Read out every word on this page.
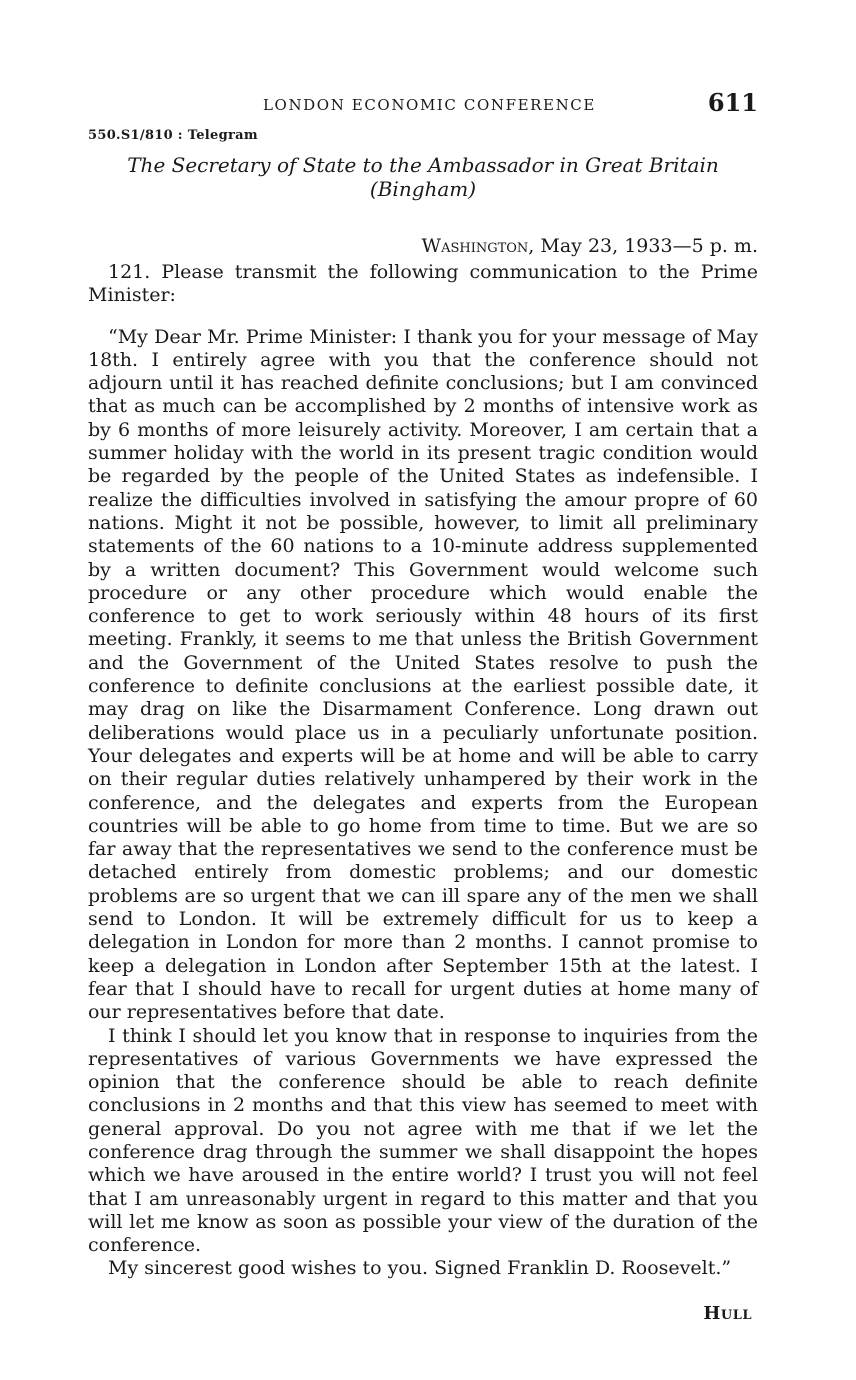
LONDON ECONOMIC CONFERENCE	611
550.S1/810 : Telegram
The Secretary of State to the Ambassador in Great Britain
(Bingham)
Washington, May 23, 1933—5 p. m.

121. Please transmit the following communication to the Prime Minister:

“My Dear Mr. Prime Minister: I thank you for your message of May 18th. I entirely agree with you that the conference should not adjourn until it has reached definite conclusions; but I am convinced that as much can be accomplished by 2 months of intensive work as by 6 months of more leisurely activity. Moreover, I am certain that a summer holiday with the world in its present tragic condition would be regarded by the people of the United States as indefensible. I realize the difficulties involved in satisfying the amour propre of 60 nations. Might it not be possible, however, to limit all preliminary statements of the 60 nations to a 10-minute address supplemented by a written document? This Government would welcome such procedure or any other procedure which would enable the conference to get to work seriously within 48 hours of its first meeting. Frankly, it seems to me that unless the British Government and the Government of the United States resolve to push the conference to definite conclusions at the earliest possible date, it may drag on like the Disarmament Conference. Long drawn out deliberations would place us in a peculiarly unfortunate position. Your delegates and experts will be at home and will be able to carry on their regular duties relatively unhampered by their work in the conference, and the delegates and experts from the European countries will be able to go home from time to time. But we are so far away that the representatives we send to the conference must be detached entirely from domestic problems; and our domestic problems are so urgent that we can ill spare any of the men we shall send to London. It will be extremely difficult for us to keep a delegation in London for more than 2 months. I cannot promise to keep a delegation in London after September 15th at the latest. I fear that I should have to recall for urgent duties at home many of our representatives before that date.

I think I should let you know that in response to inquiries from the representatives of various Governments we have expressed the opinion that the conference should be able to reach definite conclusions in 2 months and that this view has seemed to meet with general approval. Do you not agree with me that if we let the conference drag through the summer we shall disappoint the hopes which we have aroused in the entire world? I trust you will not feel that I am unreasonably urgent in regard to this matter and that you will let me know as soon as possible your view of the duration of the conference.

My sincerest good wishes to you. Signed Franklin D. Roosevelt.”

Hull
